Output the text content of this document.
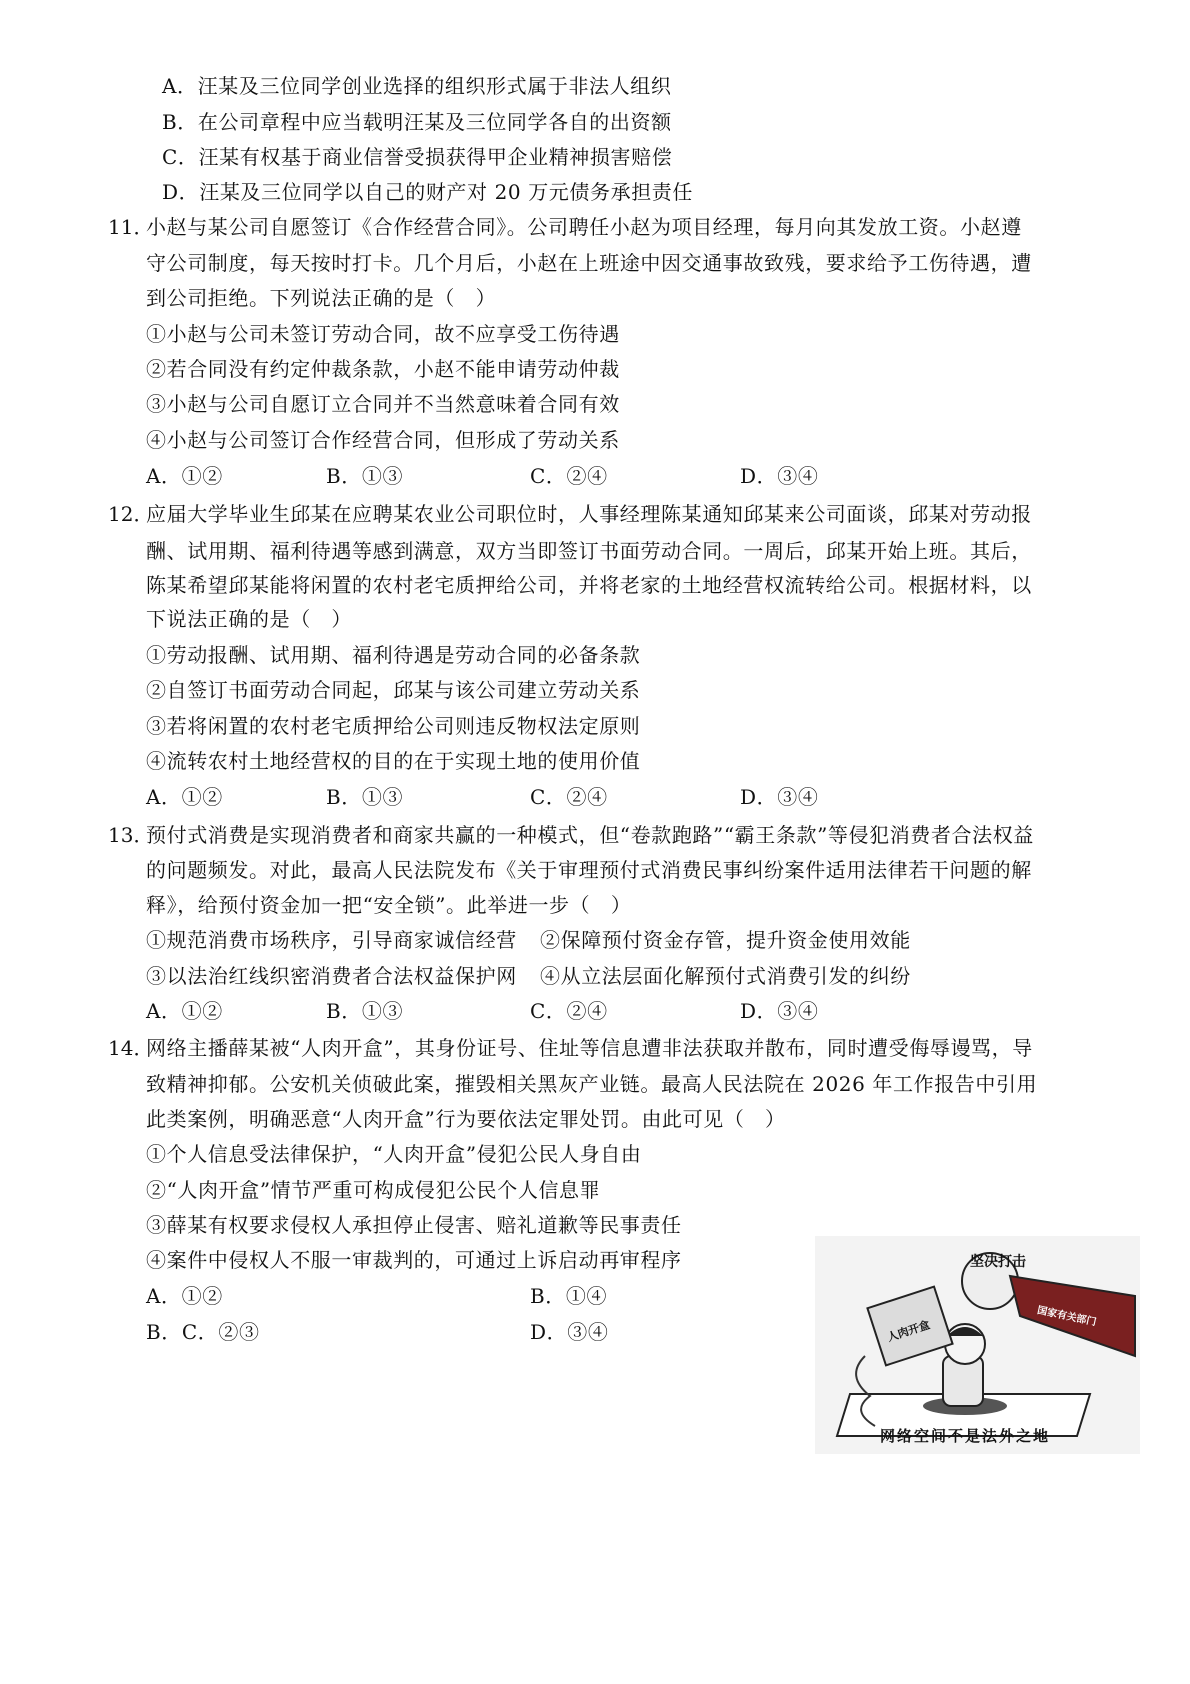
A．汪某及三位同学创业选择的组织形式属于非法人组织
B．在公司章程中应当载明汪某及三位同学各自的出资额
C．汪某有权基于商业信誉受损获得甲企业精神损害赔偿
D．汪某及三位同学以自己的财产对 20 万元债务承担责任
11．
小赵与某公司自愿签订《合作经营合同》。公司聘任小赵为项目经理，每月向其发放工资。小赵遵
守公司制度，每天按时打卡。几个月后，小赵在上班途中因交通事故致残，要求给予工伤待遇，遭
到公司拒绝。下列说法正确的是（　）
①小赵与公司未签订劳动合同，故不应享受工伤待遇
②若合同没有约定仲裁条款，小赵不能申请劳动仲裁
③小赵与公司自愿订立合同并不当然意味着合同有效
④小赵与公司签订合作经营合同，但形成了劳动关系
A．①②	B．①③	C．②④	D．③④
12．
应届大学毕业生邱某在应聘某农业公司职位时，人事经理陈某通知邱某来公司面谈，邱某对劳动报
酬、试用期、福利待遇等感到满意，双方当即签订书面劳动合同。一周后，邱某开始上班。其后，
陈某希望邱某能将闲置的农村老宅质押给公司，并将老家的土地经营权流转给公司。根据材料，以
下说法正确的是（　）
①劳动报酬、试用期、福利待遇是劳动合同的必备条款
②自签订书面劳动合同起，邱某与该公司建立劳动关系
③若将闲置的农村老宅质押给公司则违反物权法定原则
④流转农村土地经营权的目的在于实现土地的使用价值
A．①②	B．①③	C．②④	D．③④
13．
预付式消费是实现消费者和商家共赢的一种模式，但“卷款跑路”“霸王条款”等侵犯消费者合法权益
的问题频发。对此，最高人民法院发布《关于审理预付式消费民事纠纷案件适用法律若干问题的解
释》，给预付资金加一把“安全锁”。此举进一步（　）
①规范消费市场秩序，引导商家诚信经营 ②保障预付资金存管，提升资金使用效能
③以法治红线织密消费者合法权益保护网 ④从立法层面化解预付式消费引发的纠纷
A．①②	B．①③	C．②④	D．③④
14．
网络主播薛某被“人肉开盒”，其身份证号、住址等信息遭非法获取并散布，同时遭受侮辱谩骂，导
致精神抑郁。公安机关侦破此案，摧毁相关黑灰产业链。最高人民法院在 2026 年工作报告中引用
此类案例，明确恶意“人肉开盒”行为要依法定罪处罚。由此可见（　）
①个人信息受法律保护，“人肉开盒”侵犯公民人身自由
②“人肉开盒”情节严重可构成侵犯公民个人信息罪
③薛某有权要求侵权人承担停止侵害、赔礼道歉等民事责任
④案件中侵权人不服一审裁判的，可通过上诉启动再审程序
A．①②	B．①④
B．C．②③	D．③④	人肉开盒
国家有关部门
坚决打击
网络空间不是法外之地
